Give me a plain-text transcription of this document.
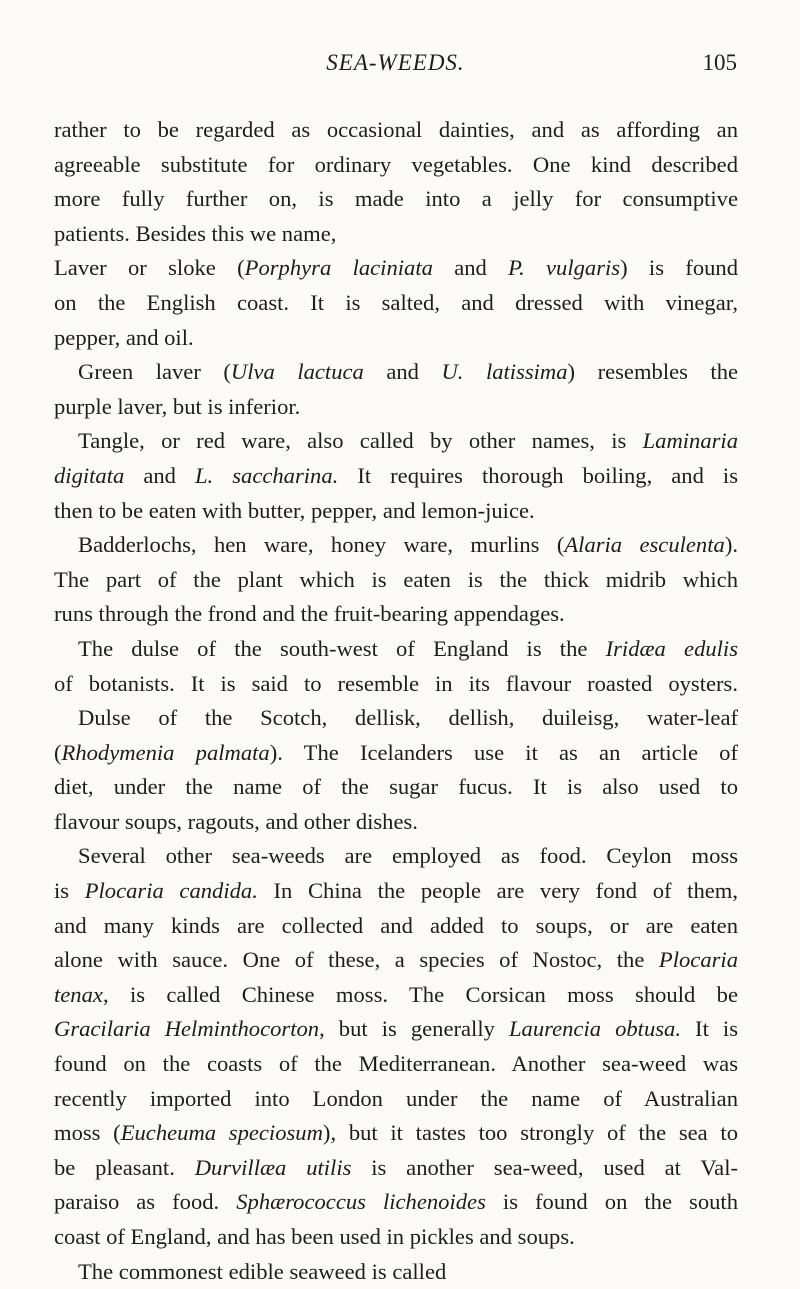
SEA-WEEDS.	105
rather to be regarded as occasional dainties, and as affording an
agreeable substitute for ordinary vegetables. One kind described
more fully further on, is made into a jelly for consumptive
patients. Besides this we name,
Laver or sloke (Porphyra laciniata and P. vulgaris) is found
on the English coast. It is salted, and dressed with vinegar,
pepper, and oil.
Green laver (Ulva lactuca and U. latissima) resembles the
purple laver, but is inferior.
Tangle, or red ware, also called by other names, is Laminaria
digitata and L. saccharina. It requires thorough boiling, and is
then to be eaten with butter, pepper, and lemon-juice.
Badderlochs, hen ware, honey ware, murlins (Alaria esculenta).
The part of the plant which is eaten is the thick midrib which
runs through the frond and the fruit-bearing appendages.
The dulse of the south-west of England is the Iridæa edulis
of botanists. It is said to resemble in its flavour roasted oysters.
Dulse of the Scotch, dellisk, dellish, duileisg, water-leaf
(Rhodymenia palmata). The Icelanders use it as an article of
diet, under the name of the sugar fucus. It is also used to
flavour soups, ragouts, and other dishes.
Several other sea-weeds are employed as food. Ceylon moss
is Plocaria candida. In China the people are very fond of them,
and many kinds are collected and added to soups, or are eaten
alone with sauce. One of these, a species of Nostoc, the Plocaria
tenax, is called Chinese moss. The Corsican moss should be
Gracilaria Helminthocorton, but is generally Laurencia obtusa. It is
found on the coasts of the Mediterranean. Another sea-weed was
recently imported into London under the name of Australian
moss (Eucheuma speciosum), but it tastes too strongly of the sea to
be pleasant. Durvillæa utilis is another sea-weed, used at Val-
paraiso as food. Sphærococcus lichenoides is found on the south
coast of England, and has been used in pickles and soups.
The commonest edible seaweed is called
